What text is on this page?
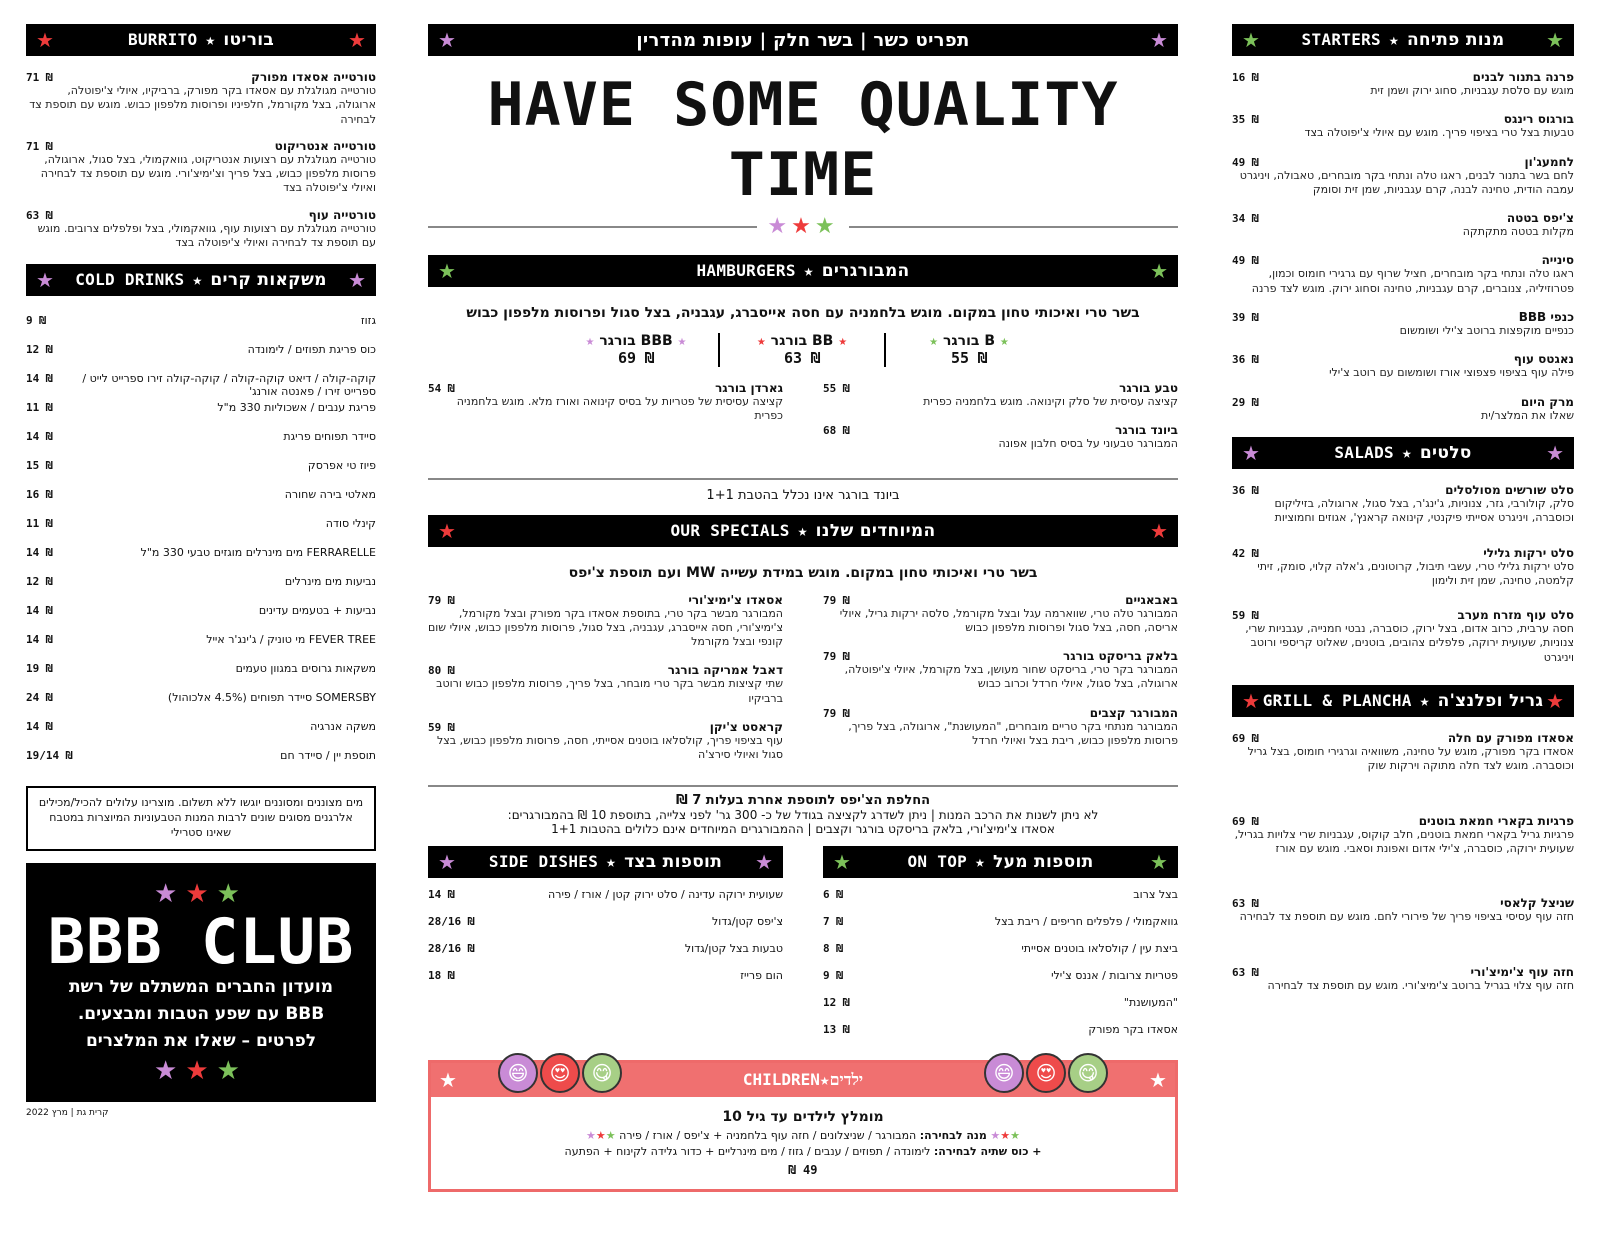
★	BURRITO ★ בוריטו	★
71 ₪	טורטייה אסאדו מפורק
טורטייה מגולגלת עם אסאדו בקר מפורק, ברביקיו, איולי צ'יפוטלה, ארוגולה, בצל מקורמל, חלפיניו ופרוסות מלפפון כבוש. מוגש עם תוספת צד לבחירה
71 ₪	טורטייה אנטריקוט
טורטייה מגולגלת עם רצועות אנטריקוט, גוואקמולי, בצל סגול, ארוגולה, פרוסות מלפפון כבוש, בצל פריך וצ'ימיצ'ורי. מוגש עם תוספת צד לבחירה ואיולי צ'יפוטלה בצד
63 ₪	טורטייה עוף
טורטייה מגולגלת עם רצועות עוף, גוואקמולי, בצל ופלפלים צרובים. מוגש עם תוספת צד לבחירה ואיולי צ'יפוטלה בצד
★ COLD DRINKS ★ משקאות קרים ★
9 ₪	גזוז
12 ₪	כוס פריגת תפוזים / לימונדה
14 ₪	קוקה-קולה / דיאט קוקה-קולה / קוקה-קולה זירו ספרייט לייט / ספרייט זירו / פאנטה אורנג'
11 ₪	פריגת ענבים / אשכוליות 330 מ"ל
14 ₪	סיידר תפוחים פריגת
15 ₪	פיוז טי אפרסק
16 ₪	מאלטי בירה שחורה
11 ₪	קינלי סודה
14 ₪	FERRARELLE מים מינרלים מוגזים טבעי 330 מ"ל
12 ₪	נביעות מים מינרלים
14 ₪	נביעות + בטעמים עדינים
14 ₪	FEVER TREE מי טוניק / ג'ינג'ר אייל
19 ₪	משקאות גרוסים במגוון טעמים
24 ₪	SOMERSBY סיידר תפוחים (4.5% אלכוהול)
14 ₪	משקה אנרגיה
19/14 ₪	תוספת יין / סיידר חם
מים מצוננים ומסוננים יוגשו ללא תשלום. מוצרינו עלולים להכיל/מכילים אלרגנים מסוגים שונים לרבות המנות הטבעוניות המיוצרות במטבח שאינו סטרילי
★★★
BBB CLUB
מועדון החברים המשתלם של רשת
BBB עם שפע הטבות ומבצעים.
לפרטים – שאלו את המלצרים
★★★
קרית גת | מרץ 2022
★	תפריט כשר | בשר חלק | עופות מהדרין	★
HAVE SOME QUALITY TIME
★★★
★	HAMBURGERS ★ המבורגרים	★
בשר טרי ואיכותי טחון במקום. מוגש בלחמניה עם חסה אייסברג, עגבניה, בצל סגול ופרוסות מלפפון כבוש
★ BBB בורגר ★
69 ₪
★ BB בורגר ★
63 ₪
★ B בורגר ★
55 ₪
54 ₪	גארדן בורגר
קציצה עסיסית של פטריות על בסיס קינואה ואורז מלא. מוגש בלחמניה כפרית
55 ₪	טבע בורגר
קציצה עסיסית של סלק וקינואה. מוגש בלחמניה כפרית
68 ₪	ביונד בורגר
המבורגר טבעוני על בסיס חלבון אפונה
ביונד בורגר אינו נכלל בהטבת 1+1
★	OUR SPECIALS ★ המיוחדים שלנו	★
בשר טרי ואיכותי טחון במקום. מוגש במידת עשייה MW ועם תוספת צ'יפס
79 ₪	אסאדו צ'ימיצ'ורי
המבורגר מבשר בקר טרי, בתוספת אסאדו בקר מפורק ובצל מקורמל, צ'ימיצ'ורי, חסה אייסברג, עגבניה, בצל סגול, פרוסות מלפפון כבוש, איולי שום קונפי ובצל מקורמל
80 ₪	דאבל אמריקה בורגר
שתי קציצות מבשר בקר טרי מובחר, בצל פריך, פרוסות מלפפון כבוש ורוטב ברביקיו
59 ₪	קראסט צ'יקן
עוף בציפוי פריך, קולסלאו בוטנים אסייתי, חסה, פרוסות מלפפון כבוש, בצל סגול ואיולי סירצ'ה
79 ₪	באבאגיים
המבורגר טלה טרי, שווארמה עגל ובצל מקורמל, סלסה ירקות גריל, איולי אריסה, חסה, בצל סגול ופרוסות מלפפון כבוש
79 ₪	בלאק בריסקט בורגר
המבורגר בקר טרי, בריסקט שחור מעושן, בצל מקורמל, איולי צ'יפוטלה, ארוגולה, בצל סגול, איולי חרדל וכרוב כבוש
79 ₪	המבורגר קצבים
המבורגר מנתחי בקר טריים מובחרים, "המעושנת", ארוגולה, בצל פריך, פרוסות מלפפון כבוש, ריבת בצל ואיולי חרדל
החלפת הצ'יפס לתוספת אחרת בעלות 7 ₪
לא ניתן לשנות את הרכב המנות | ניתן לשדרג לקציצה בגודל של כ- 300 גר' לפני צלייה, בתוספת 10 ₪ בהמבורגרים:
אסאדו צ'ימיצ'ורי, בלאק בריסקט בורגר וקצבים | ההמבורגרים המיוחדים אינם כלולים בהטבות 1+1
★ SIDE DISHES ★ תוספות בצד ★
14 ₪	שעועית ירוקה עדינה / סלט ירוק קטן / אורז / פירה
28/16 ₪	צ'יפס קטן/גדול
28/16 ₪	טבעות בצל קטן/גדול
18 ₪	הום פרייז
★	ON TOP ★ תוספות מעל	★
6 ₪	בצל צרוב
7 ₪	גוואקמולי / פלפלים חריפים / ריבת בצל
8 ₪	ביצת עין / קולסלאו בוטנים אסייתי
9 ₪	פטריות צרובות / אננס צ'ילי
12 ₪	"המעושנת"
13 ₪	אסאדו בקר מפורק
★	😄	😍	😋	CHILDREN★ילדים	😄	😍	😋	★
מומלץ לילדים עד גיל 10
★★★ מנה לבחירה: המבורגר / שניצלונים / חזה עוף בלחמניה + צ'יפס / אורז / פירה ★★★
+ כוס שתיה לבחירה: לימונדה / תפוזים / ענבים / גזוז / מים מינרליים + כדור גלידה לקינוח + הפתעה
49 ₪
★	STARTERS ★ מנות פתיחה ★
16 ₪	פרנה בתנור לבנים
מוגש עם סלסת עגבניות, סחוג ירוק ושמן זית
35 ₪	בורגוס רינגס
טבעות בצל טרי בציפוי פריך. מוגש עם איולי צ'יפוטלה בצד
49 ₪	לחמעג'ון
לחם בשר בתנור לבנים, ראגו טלה ונתחי בקר מובחרים, טאבולה, ויניגרט עמבה הודית, טחינה לבנה, קרם עגבניות, שמן זית וסומק
34 ₪	צ'יפס בטטה
מקלות בטטה מתקתקה
49 ₪	סינייה
ראגו טלה ונתחי בקר מובחרים, חציל שרוף עם גרגירי חומוס וכמון, פטרוזיליה, צנוברים, קרם עגבניות, טחינה וסחוג ירוק. מוגש לצד פרנה
39 ₪	כנפי BBB
כנפיים מוקפצות ברוטב צ'ילי ושומשום
36 ₪	נאגטס עוף
פילה עוף בציפוי פצפוצי אורז ושומשום עם רוטב צ'ילי
29 ₪	מרק היום
שאלו את המלצר/ית
★	SALADS ★ סלטים	★
36 ₪	סלט שורשים מסולסלים
סלק, קולורבי, גזר, צנוניות, ג'ינג'ר, בצל סגול, ארוגולה, בזיליקום וכוסברה, ויניגרט אסייתי פיקנטי, קינואה קראנץ', אגוזים וחמוציות
42 ₪	סלט ירקות גלילי
סלט ירקות גלילי טרי, עשבי תיבול, קרוטונים, ג'אלה קלוי, סומק, זיתי קלמטה, טחינה, שמן זית ולימון
59 ₪	סלט עוף מזרח מערב
חסה ערבית, כרוב אדום, בצל ירוק, כוסברה, נבטי חמנייה, עגבניות שרי, צנוניות, שעועית ירוקה, פלפלים צהובים, בוטנים, שאלוט קריספי ורוטב ויניגרט
★ GRILL & PLANCHA ★ גריל ופלנצ'ה ★
69 ₪	אסאדו מפורק עם חלה
אסאדו בקר מפורק, מוגש על טחינה, משוואיה וגרגירי חומוס, בצל גריל וכוסברה. מוגש לצד חלה מתוקה וירקות שוק
69 ₪	פרגיות בקארי חמאת בוטנים
פרגיות גריל בקארי חמאת בוטנים, חלב קוקוס, עגבניות שרי צלויות בגריל, שעועית ירוקה, כוסברה, צ'ילי אדום ואפונת וסאבי. מוגש עם אורז
63 ₪	שניצל קלאסי
חזה עוף עסיסי בציפוי פריך של פירורי לחם. מוגש עם תוספת צד לבחירה
63 ₪	חזה עוף צ'ימיצ'ורי
חזה עוף צלוי בגריל ברוטב צ'ימיצ'ורי. מוגש עם תוספת צד לבחירה
